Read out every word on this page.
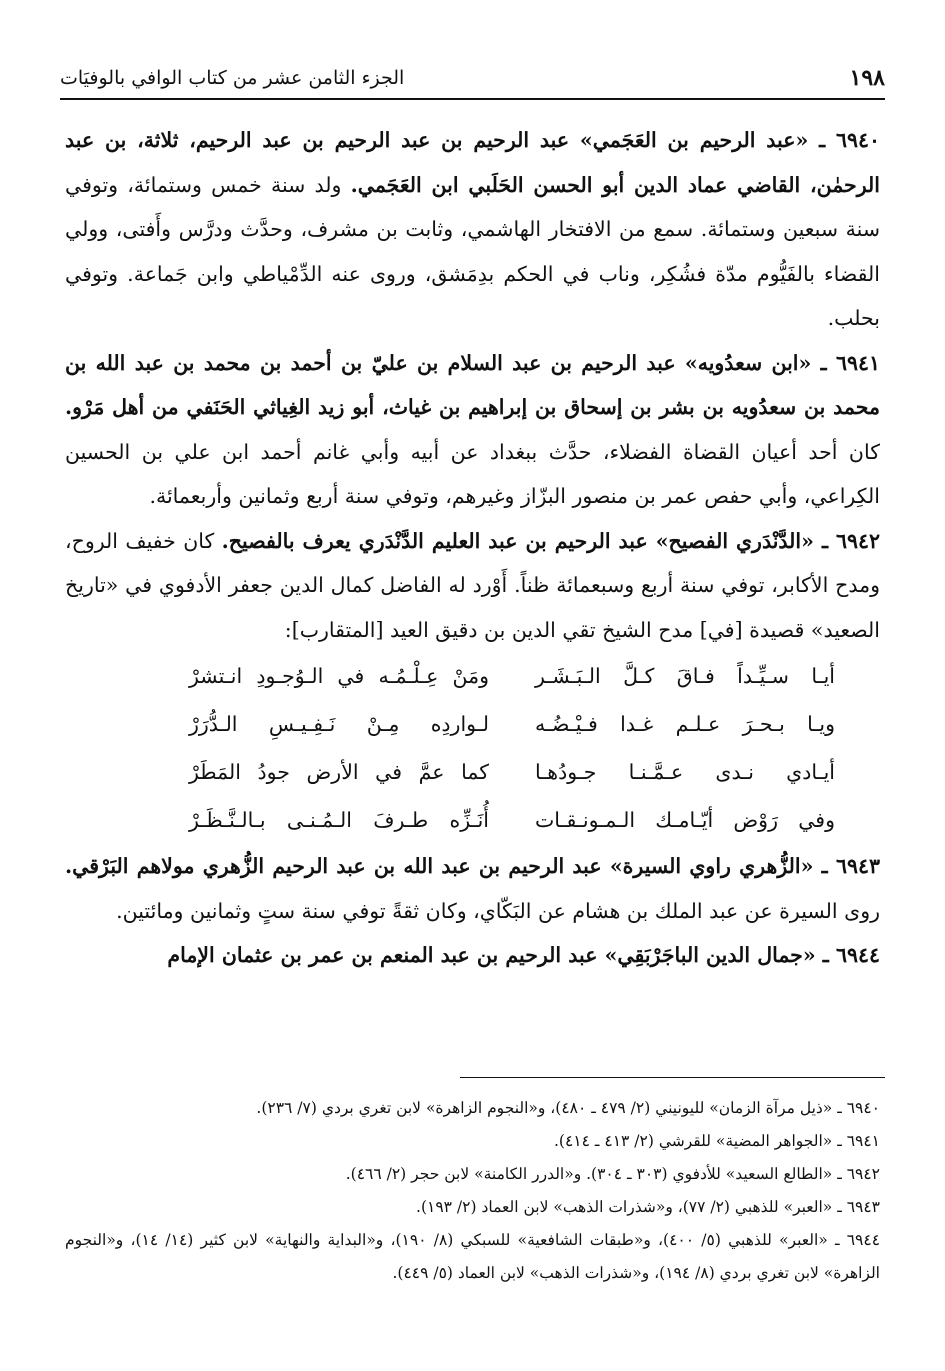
١٩٨
الجزء الثامن عشر من كتاب الوافي بالوفيَات

٦٩٤٠ ـ «عبد الرحيم بن العَجَمي» عبد الرحيم بن عبد الرحيم بن عبد الرحيم، ثلاثة، بن عبد الرحمٰن، القاضي عماد الدين أبو الحسن الحَلَبي ابن العَجَمي. ولد سنة خمس وستمائة، وتوفي سنة سبعين وستمائة. سمع من الافتخار الهاشمي، وثابت بن مشرف، وحدَّث ودرَّس وأَفتى، وولي القضاء بالفَيُّوم مدّة فشُكِر، وناب في الحكم بدِمَشق، وروى عنه الدِّمْياطي وابن جَماعة. وتوفي بحلب.

٦٩٤١ ـ «ابن سعدُويه» عبد الرحيم بن عبد السلام بن عليّ بن أحمد بن محمد بن عبد الله بن محمد بن سعدُويه بن بشر بن إسحاق بن إبراهيم بن غياث، أبو زيد الغِياثي الحَنَفي من أهل مَرْو. كان أحد أعيان القضاة الفضلاء، حدَّث ببغداد عن أبيه وأبي غانم أحمد ابن علي بن الحسين الكِراعي، وأبي حفص عمر بن منصور البزّاز وغيرهم، وتوفي سنة أربع وثمانين وأربعمائة.

٦٩٤٢ ـ «الدَّنْدَري الفصيح» عبد الرحيم بن عبد العليم الدَّنْدَري يعرف بالفصيح. كان خفيف الروح، ومدح الأكابر، توفي سنة أربع وسبعمائة ظناً. أَوْرد له الفاضل كمال الدين جعفر الأدفوي في «تاريخ الصعيد» قصيدة [في] مدح الشيخ تقي الدين بن دقيق العيد [المتقارب]:

أيـا سـيِّـداً فـاقَ كـلَّ الـبَـشَـر
ومَنْ عِـلْـمُـه في الـوُجـودِ انـتشرْ
ويـا بـحـرَ عـلـم غـدا فـيْـضُـه
لـواردِه مِـنْ نَـفِـيـسِ الـدُّرَرْ
أيـادي نـدى عـمَّـنـا جـودُهـا
كما عمَّ في الأرض جودُ المَطَرْ
وفي رَوْض أيّـامـك الـمـونـقـات
أُنَـزِّه طـرفَ الـمُـنـى بـالـنَّـظَـرْ

٦٩٤٣ ـ «الزُّهري راوي السيرة» عبد الرحيم بن عبد الله بن عبد الرحيم الزُّهري مولاهم البَرْقي. روى السيرة عن عبد الملك بن هشام عن البَكّاي، وكان ثقةً توفي سنة ستٍ وثمانين ومائتين.

٦٩٤٤ ـ «جمال الدين الباجَرْبَقِي» عبد الرحيم بن عبد المنعم بن عمر بن عثمان الإمام

٦٩٤٠ ـ «ذيل مرآة الزمان» لليونيني (٢/ ٤٧٩ ـ ٤٨٠)، و«النجوم الزاهرة» لابن تغري بردي (٧/ ٢٣٦).

٦٩٤١ ـ «الجواهر المضية» للقرشي (٢/ ٤١٣ ـ ٤١٤).

٦٩٤٢ ـ «الطالع السعيد» للأدفوي (٣٠٣ ـ ٣٠٤). و«الدرر الكامنة» لابن حجر (٢/ ٤٦٦).

٦٩٤٣ ـ «العبر» للذهبي (٢/ ٧٧)، و«شذرات الذهب» لابن العماد (٢/ ١٩٣).

٦٩٤٤ ـ «العبر» للذهبي (٥/ ٤٠٠)، و«طبقات الشافعية» للسبكي (٨/ ١٩٠)، و«البداية والنهاية» لابن كثير (١٤/ ١٤)، و«النجوم الزاهرة» لابن تغري بردي (٨/ ١٩٤)، و«شذرات الذهب» لابن العماد (٥/ ٤٤٩).
